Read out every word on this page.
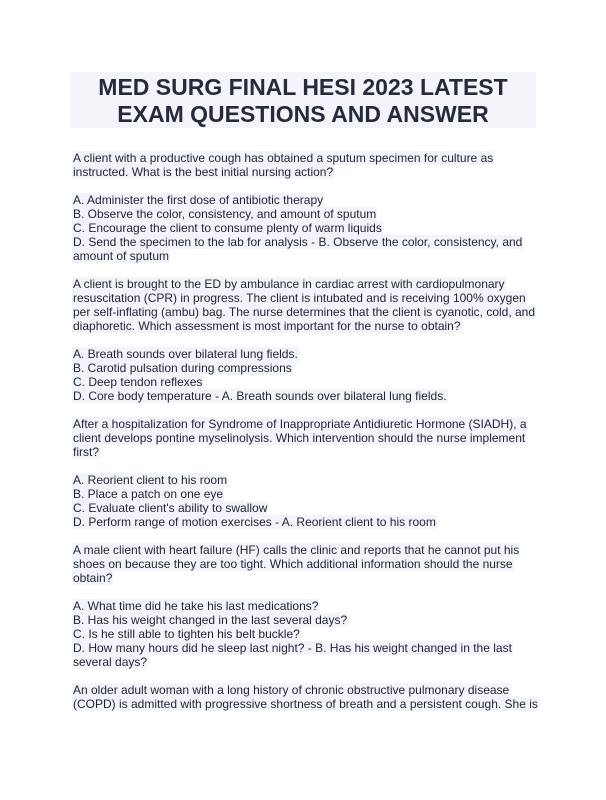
MED SURG FINAL HESI 2023 LATEST
EXAM QUESTIONS AND ANSWER
A client with a productive cough has obtained a sputum specimen for culture as
instructed. What is the best initial nursing action?
A. Administer the first dose of antibiotic therapy
B. Observe the color, consistency, and amount of sputum
C. Encourage the client to consume plenty of warm liquids
D. Send the specimen to the lab for analysis - B. Observe the color, consistency, and
amount of sputum
A client is brought to the ED by ambulance in cardiac arrest with cardiopulmonary
resuscitation (CPR) in progress. The client is intubated and is receiving 100% oxygen
per self-inflating (ambu) bag. The nurse determines that the client is cyanotic, cold, and
diaphoretic. Which assessment is most important for the nurse to obtain?
A. Breath sounds over bilateral lung fields.
B. Carotid pulsation during compressions
C. Deep tendon reflexes
D. Core body temperature - A. Breath sounds over bilateral lung fields.
After a hospitalization for Syndrome of Inappropriate Antidiuretic Hormone (SIADH), a
client develops pontine myselinolysis. Which intervention should the nurse implement
first?
A. Reorient client to his room
B. Place a patch on one eye
C. Evaluate client's ability to swallow
D. Perform range of motion exercises - A. Reorient client to his room
A male client with heart failure (HF) calls the clinic and reports that he cannot put his
shoes on because they are too tight. Which additional information should the nurse
obtain?
A. What time did he take his last medications?
B. Has his weight changed in the last several days?
C. Is he still able to tighten his belt buckle?
D. How many hours did he sleep last night? - B. Has his weight changed in the last
several days?
An older adult woman with a long history of chronic obstructive pulmonary disease
(COPD) is admitted with progressive shortness of breath and a persistent cough. She is
